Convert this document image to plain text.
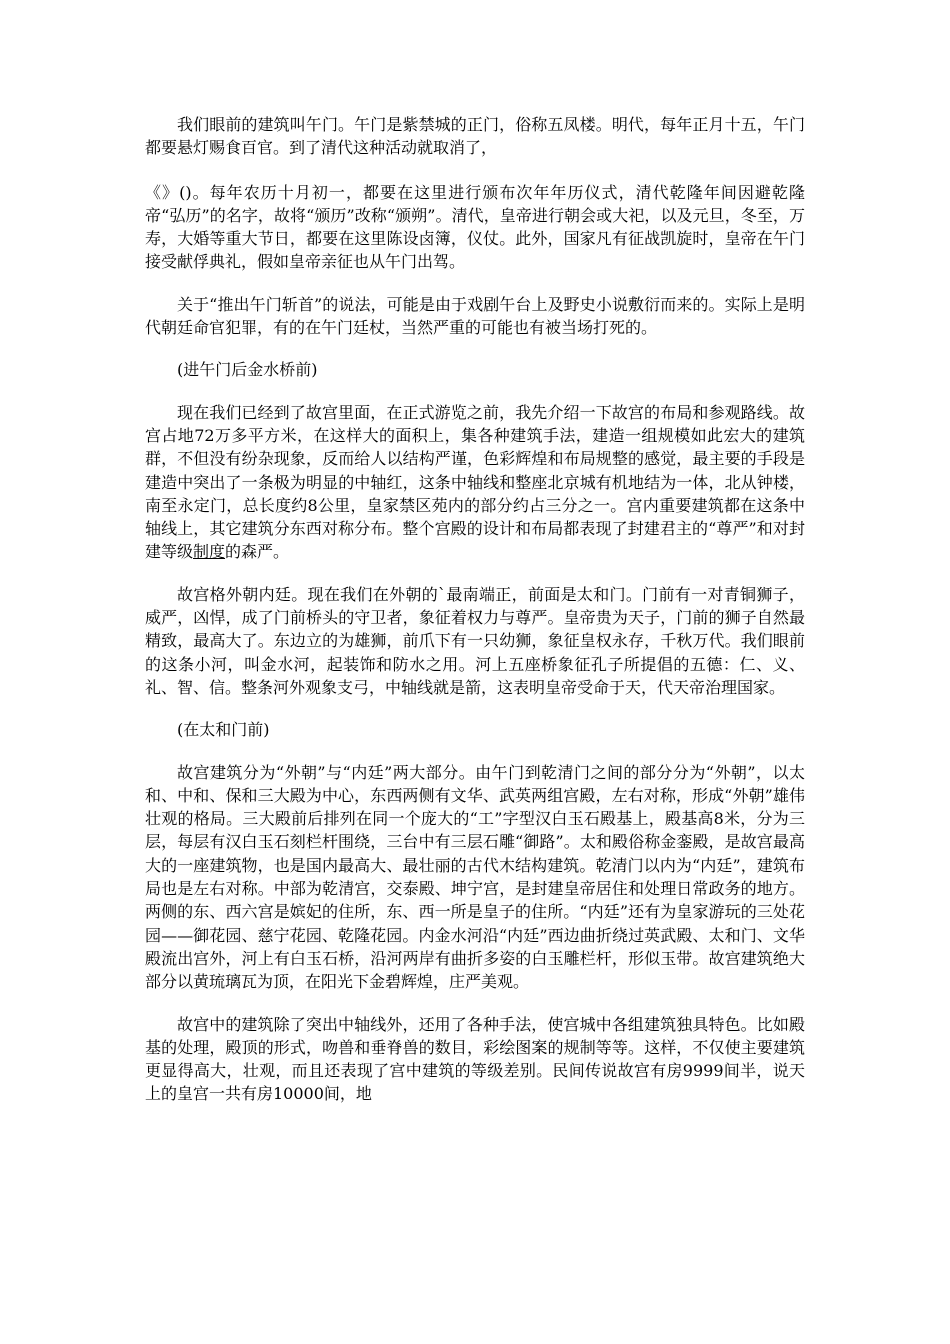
我们眼前的建筑叫午门。午门是紫禁城的正门，俗称五凤楼。明代，每年正月十五，午门都要悬灯赐食百官。到了清代这种活动就取消了，

《》()。每年农历十月初一，都要在这里进行颁布次年年历仪式，清代乾隆年间因避乾隆帝“弘历”的名字，故将“颁历”改称“颁朔”。清代，皇帝进行朝会或大祀，以及元旦，冬至，万寿，大婚等重大节日，都要在这里陈设卤簿，仪仗。此外，国家凡有征战凯旋时，皇帝在午门接受献俘典礼，假如皇帝亲征也从午门出驾。

关于“推出午门斩首”的说法，可能是由于戏剧午台上及野史小说敷衍而来的。实际上是明代朝廷命官犯罪，有的在午门廷杖，当然严重的可能也有被当场打死的。

(进午门后金水桥前)

现在我们已经到了故宫里面，在正式游览之前，我先介绍一下故宫的布局和参观路线。故宫占地72万多平方米，在这样大的面积上，集各种建筑手法，建造一组规模如此宏大的建筑群，不但没有纷杂现象，反而给人以结构严谨，色彩辉煌和布局规整的感觉，最主要的手段是建造中突出了一条极为明显的中轴红，这条中轴线和整座北京城有机地结为一体，北从钟楼，南至永定门，总长度约8公里，皇家禁区苑内的部分约占三分之一。宫内重要建筑都在这条中轴线上，其它建筑分东西对称分布。整个宫殿的设计和布局都表现了封建君主的“尊严”和对封建等级制度的森严。

故宫格外朝内廷。现在我们在外朝的`最南端正，前面是太和门。门前有一对青铜狮子，威严，凶悍，成了门前桥头的守卫者，象征着权力与尊严。皇帝贵为天子，门前的狮子自然最精致，最高大了。东边立的为雄狮，前爪下有一只幼狮，象征皇权永存，千秋万代。我们眼前的这条小河，叫金水河，起装饰和防水之用。河上五座桥象征孔子所提倡的五德：仁、义、礼、智、信。整条河外观象支弓，中轴线就是箭，这表明皇帝受命于天，代天帝治理国家。

(在太和门前)

故宫建筑分为“外朝”与“内廷”两大部分。由午门到乾清门之间的部分分为“外朝”，以太和、中和、保和三大殿为中心，东西两侧有文华、武英两组宫殿，左右对称，形成“外朝”雄伟壮观的格局。三大殿前后排列在同一个庞大的“工”字型汉白玉石殿基上，殿基高8米，分为三层，每层有汉白玉石刻栏杆围绕，三台中有三层石雕“御路”。太和殿俗称金銮殿，是故宫最高大的一座建筑物，也是国内最高大、最壮丽的古代木结构建筑。乾清门以内为“内廷”，建筑布局也是左右对称。中部为乾清宫，交泰殿、坤宁宫，是封建皇帝居住和处理日常政务的地方。两侧的东、西六宫是嫔妃的住所，东、西一所是皇子的住所。“内廷”还有为皇家游玩的三处花园——御花园、慈宁花园、乾隆花园。内金水河沿“内廷”西边曲折绕过英武殿、太和门、文华殿流出宫外，河上有白玉石桥，沿河两岸有曲折多姿的白玉雕栏杆，形似玉带。故宫建筑绝大部分以黄琉璃瓦为顶，在阳光下金碧辉煌，庄严美观。

故宫中的建筑除了突出中轴线外，还用了各种手法，使宫城中各组建筑独具特色。比如殿基的处理，殿顶的形式，吻兽和垂脊兽的数目，彩绘图案的规制等等。这样，不仅使主要建筑更显得高大，壮观，而且还表现了宫中建筑的等级差别。民间传说故宫有房9999间半，说天上的皇宫一共有房10000间，地
